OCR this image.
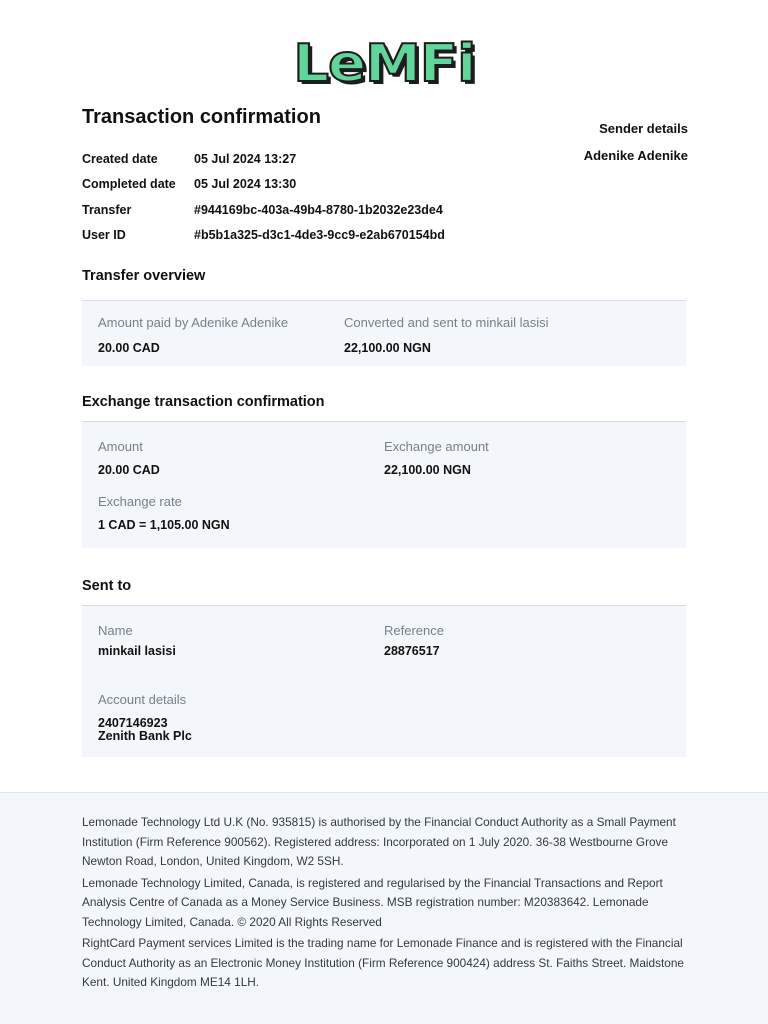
LeMFi
Transaction confirmation
Sender details
Adenike Adenike
Created date	05 Jul 2024 13:27
Completed date	05 Jul 2024 13:30
Transfer	#944169bc-403a-49b4-8780-1b2032e23de4
User ID	#b5b1a325-d3c1-4de3-9cc9-e2ab670154bd
Transfer overview
Amount paid by Adenike Adenike
20.00 CAD
Converted and sent to minkail lasisi
22,100.00 NGN
Exchange transaction confirmation
Amount
20.00 CAD
Exchange amount
22,100.00 NGN
Exchange rate
1 CAD = 1,105.00 NGN
Sent to
Name
minkail lasisi
Reference
28876517
Account details
2407146923
Zenith Bank Plc

Lemonade Technology Ltd U.K (No. 935815) is authorised by the Financial Conduct Authority as a Small Payment Institution (Firm Reference 900562). Registered address: Incorporated on 1 July 2020. 36-38 Westbourne Grove Newton Road, London, United Kingdom, W2 5SH.

Lemonade Technology Limited, Canada, is registered and regularised by the Financial Transactions and Report Analysis Centre of Canada as a Money Service Business. MSB registration number: M20383642. Lemonade Technology Limited, Canada. © 2020 All Rights Reserved

RightCard Payment services Limited is the trading name for Lemonade Finance and is registered with the Financial Conduct Authority as an Electronic Money Institution (Firm Reference 900424) address St. Faiths Street. Maidstone Kent. United Kingdom ME14 1LH.
